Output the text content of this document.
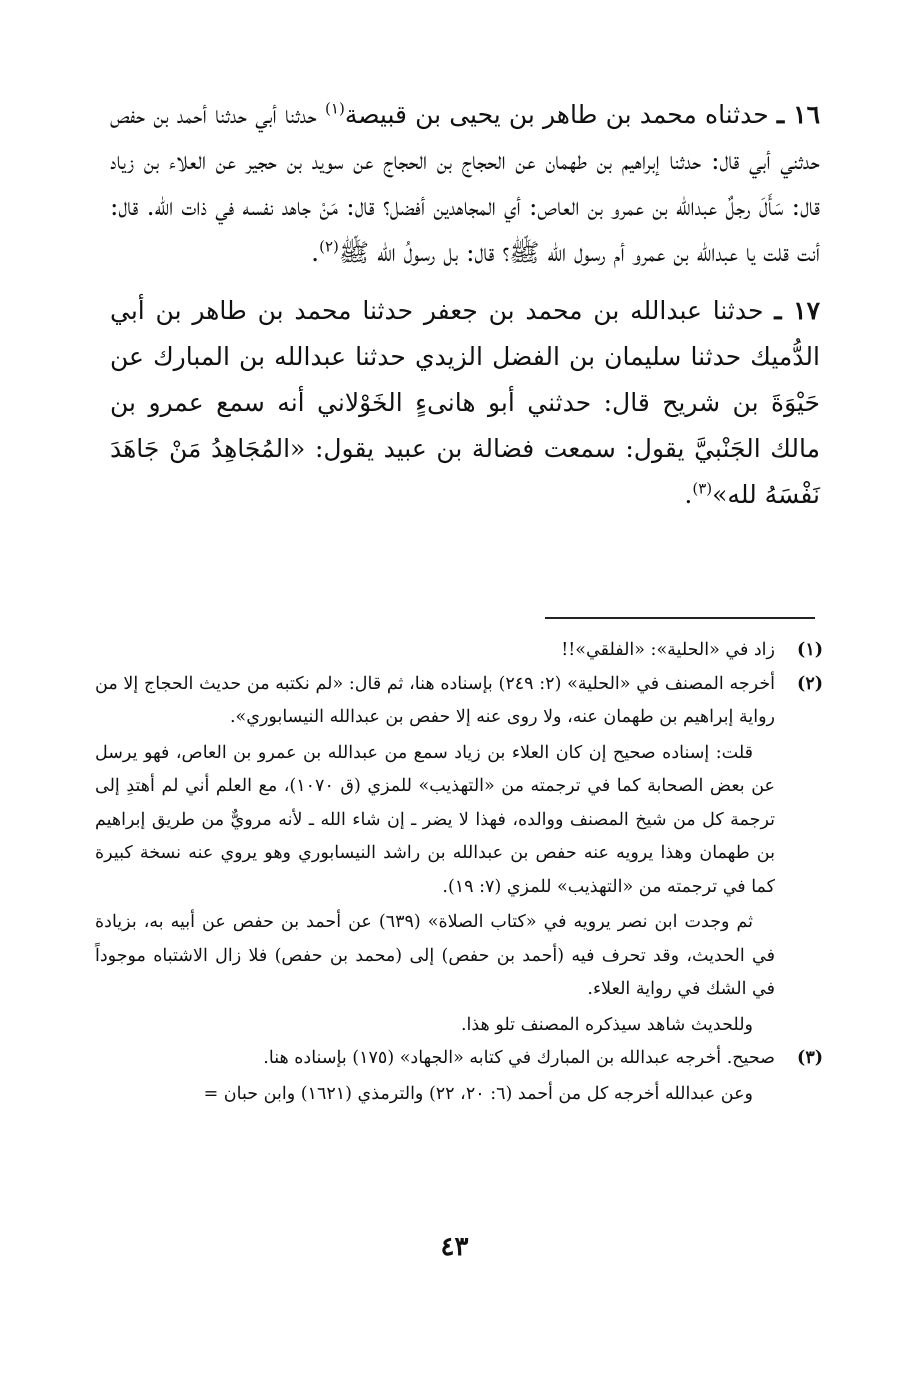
١٦ ـ حدثناه محمد بن طاهر بن يحيى بن قبيصة$^{(١)}$ حدثنا أبي حدثنا أحمد بن حفص حدثني أبي قال: حدثنا إبراهيم بن طهمان عن الحجاج بن الحجاج عن سويد بن حجير عن العلاء بن زياد قال: سَأَلَ رجلٌ عبدالله بن عمرو بن العاص: أي المجاهدين أفضل؟ قال: مَنْ جاهد نفسه في ذات الله. قال: أنت قلت يا عبدالله بن عمرو أم رسول الله ﷺ؟ قال: بل رسولُ الله ﷺ$^{(٢)}$.

١٧ ـ حدثنا عبدالله بن محمد بن جعفر حدثنا محمد بن طاهر بن أبي الدُّميك حدثنا سليمان بن الفضل الزيدي حدثنا عبدالله بن المبارك عن حَيْوَةَ بن شريح قال: حدثني أبو هانىءٍ الخَوْلاني أنه سمع عمرو بن مالك الجَنْبيَّ يقول: سمعت فضالة بن عبيد يقول: «المُجَاهِدُ مَنْ جَاهَدَ نَفْسَهُ لله»$^{(٣)}$.

(١)
زاد في «الحلية»: «الفلقي»!!

(٢)
أخرجه المصنف في «الحلية» (٢: ٢٤٩) بإسناده هنا، ثم قال: «لم نكتبه من حديث الحجاج إلا من رواية إبراهيم بن طهمان عنه، ولا روى عنه إلا حفص بن عبدالله النيسابوري».

قلت: إسناده صحيح إن كان العلاء بن زياد سمع من عبدالله بن عمرو بن العاص، فهو يرسل عن بعض الصحابة كما في ترجمته من «التهذيب» للمزي (ق ١٠٧٠)، مع العلم أني لم أهتدِ إلى ترجمة كل من شيخ المصنف ووالده، فهذا لا يضر ـ إن شاء الله ـ لأنه مرويٌّ من طريق إبراهيم بن طهمان وهذا يرويه عنه حفص بن عبدالله بن راشد النيسابوري وهو يروي عنه نسخة كبيرة كما في ترجمته من «التهذيب» للمزي (٧: ١٩).

ثم وجدت ابن نصر يرويه في «كتاب الصلاة» (٦٣٩) عن أحمد بن حفص عن أبيه به، بزيادة في الحديث، وقد تحرف فيه (أحمد بن حفص) إلى (محمد بن حفص) فلا زال الاشتباه موجوداً في الشك في رواية العلاء.

وللحديث شاهد سيذكره المصنف تلو هذا.

(٣)
صحيح. أخرجه عبدالله بن المبارك في كتابه «الجهاد» (١٧٥) بإسناده هنا.

وعن عبدالله أخرجه كل من أحمد (٦: ٢٠، ٢٢) والترمذي (١٦٢١) وابن حبان =

٤٣
